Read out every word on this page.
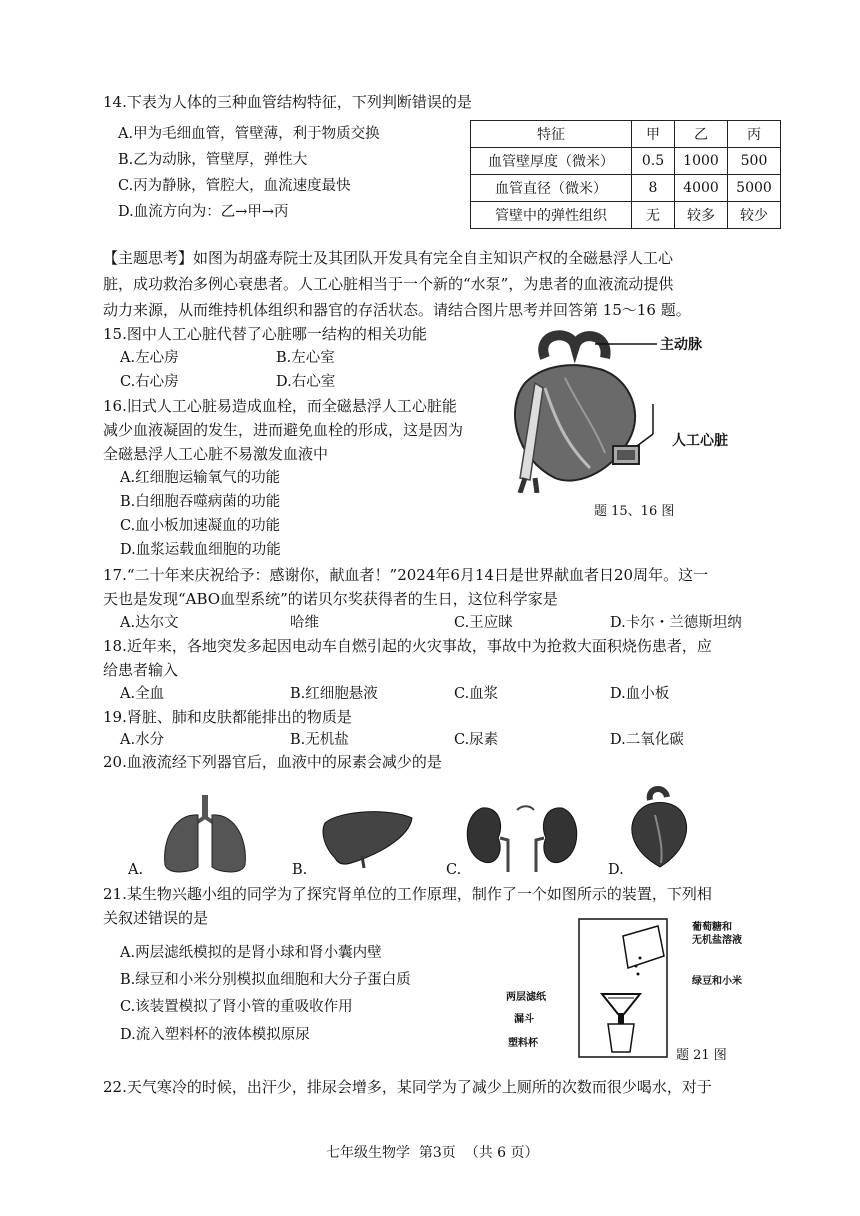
14.下表为人体的三种血管结构特征，下列判断错误的是
A.甲为毛细血管，管壁薄，利于物质交换
B.乙为动脉，管壁厚，弹性大
C.丙为静脉，管腔大，血流速度最快
D.血流方向为：乙→甲→丙
特征	甲	乙	丙
血管壁厚度（微米）	0.5	1000	500
血管直径（微米）	8	4000	5000
管壁中的弹性组织	无	较多	较少
【主题思考】如图为胡盛寿院士及其团队开发具有完全自主知识产权的全磁悬浮人工心
脏，成功救治多例心衰患者。人工心脏相当于一个新的“水泵”，为患者的血液流动提供
动力来源，从而维持机体组织和器官的存活状态。请结合图片思考并回答第 15～16 题。
15.图中人工心脏代替了心脏哪一结构的相关功能
A.左心房	B.左心室
C.右心房	D.右心室
16.旧式人工心脏易造成血栓，而全磁悬浮人工心脏能
减少血液凝固的发生，进而避免血栓的形成，这是因为
全磁悬浮人工心脏不易激发血液中
A.红细胞运输氧气的功能
B.白细胞吞噬病菌的功能
C.血小板加速凝血的功能
D.血浆运载血细胞的功能
主动脉
人工心脏
题 15、16 图
17.“二十年来庆祝给予：感谢你，献血者！”2024年6月14日是世界献血者日20周年。这一
天也是发现“ABO血型系统”的诺贝尔奖获得者的生日，这位科学家是
A.达尔文	哈维	C.王应睐	D.卡尔・兰德斯坦纳
18.近年来，各地突发多起因电动车自燃引起的火灾事故，事故中为抢救大面积烧伤患者，应
给患者输入
A.全血	B.红细胞悬液	C.血浆	D.血小板
19.肾脏、肺和皮肤都能排出的物质是
A.水分	B.无机盐	C.尿素	D.二氧化碳
20.血液流经下列器官后，血液中的尿素会减少的是
A.	B.	C.	D.
21.某生物兴趣小组的同学为了探究肾单位的工作原理，制作了一个如图所示的装置，下列相
关叙述错误的是
A.两层滤纸模拟的是肾小球和肾小囊内壁
B.绿豆和小米分别模拟血细胞和大分子蛋白质
C.该装置模拟了肾小管的重吸收作用
D.流入塑料杯的液体模拟原尿
葡萄糖和
无机盐溶液
绿豆和小米
两层滤纸
漏斗
塑料杯
题 21 图
22.天气寒冷的时候，出汗少，排尿会增多，某同学为了减少上厕所的次数而很少喝水，对于
七年级生物学  第3页  （共 6 页）
